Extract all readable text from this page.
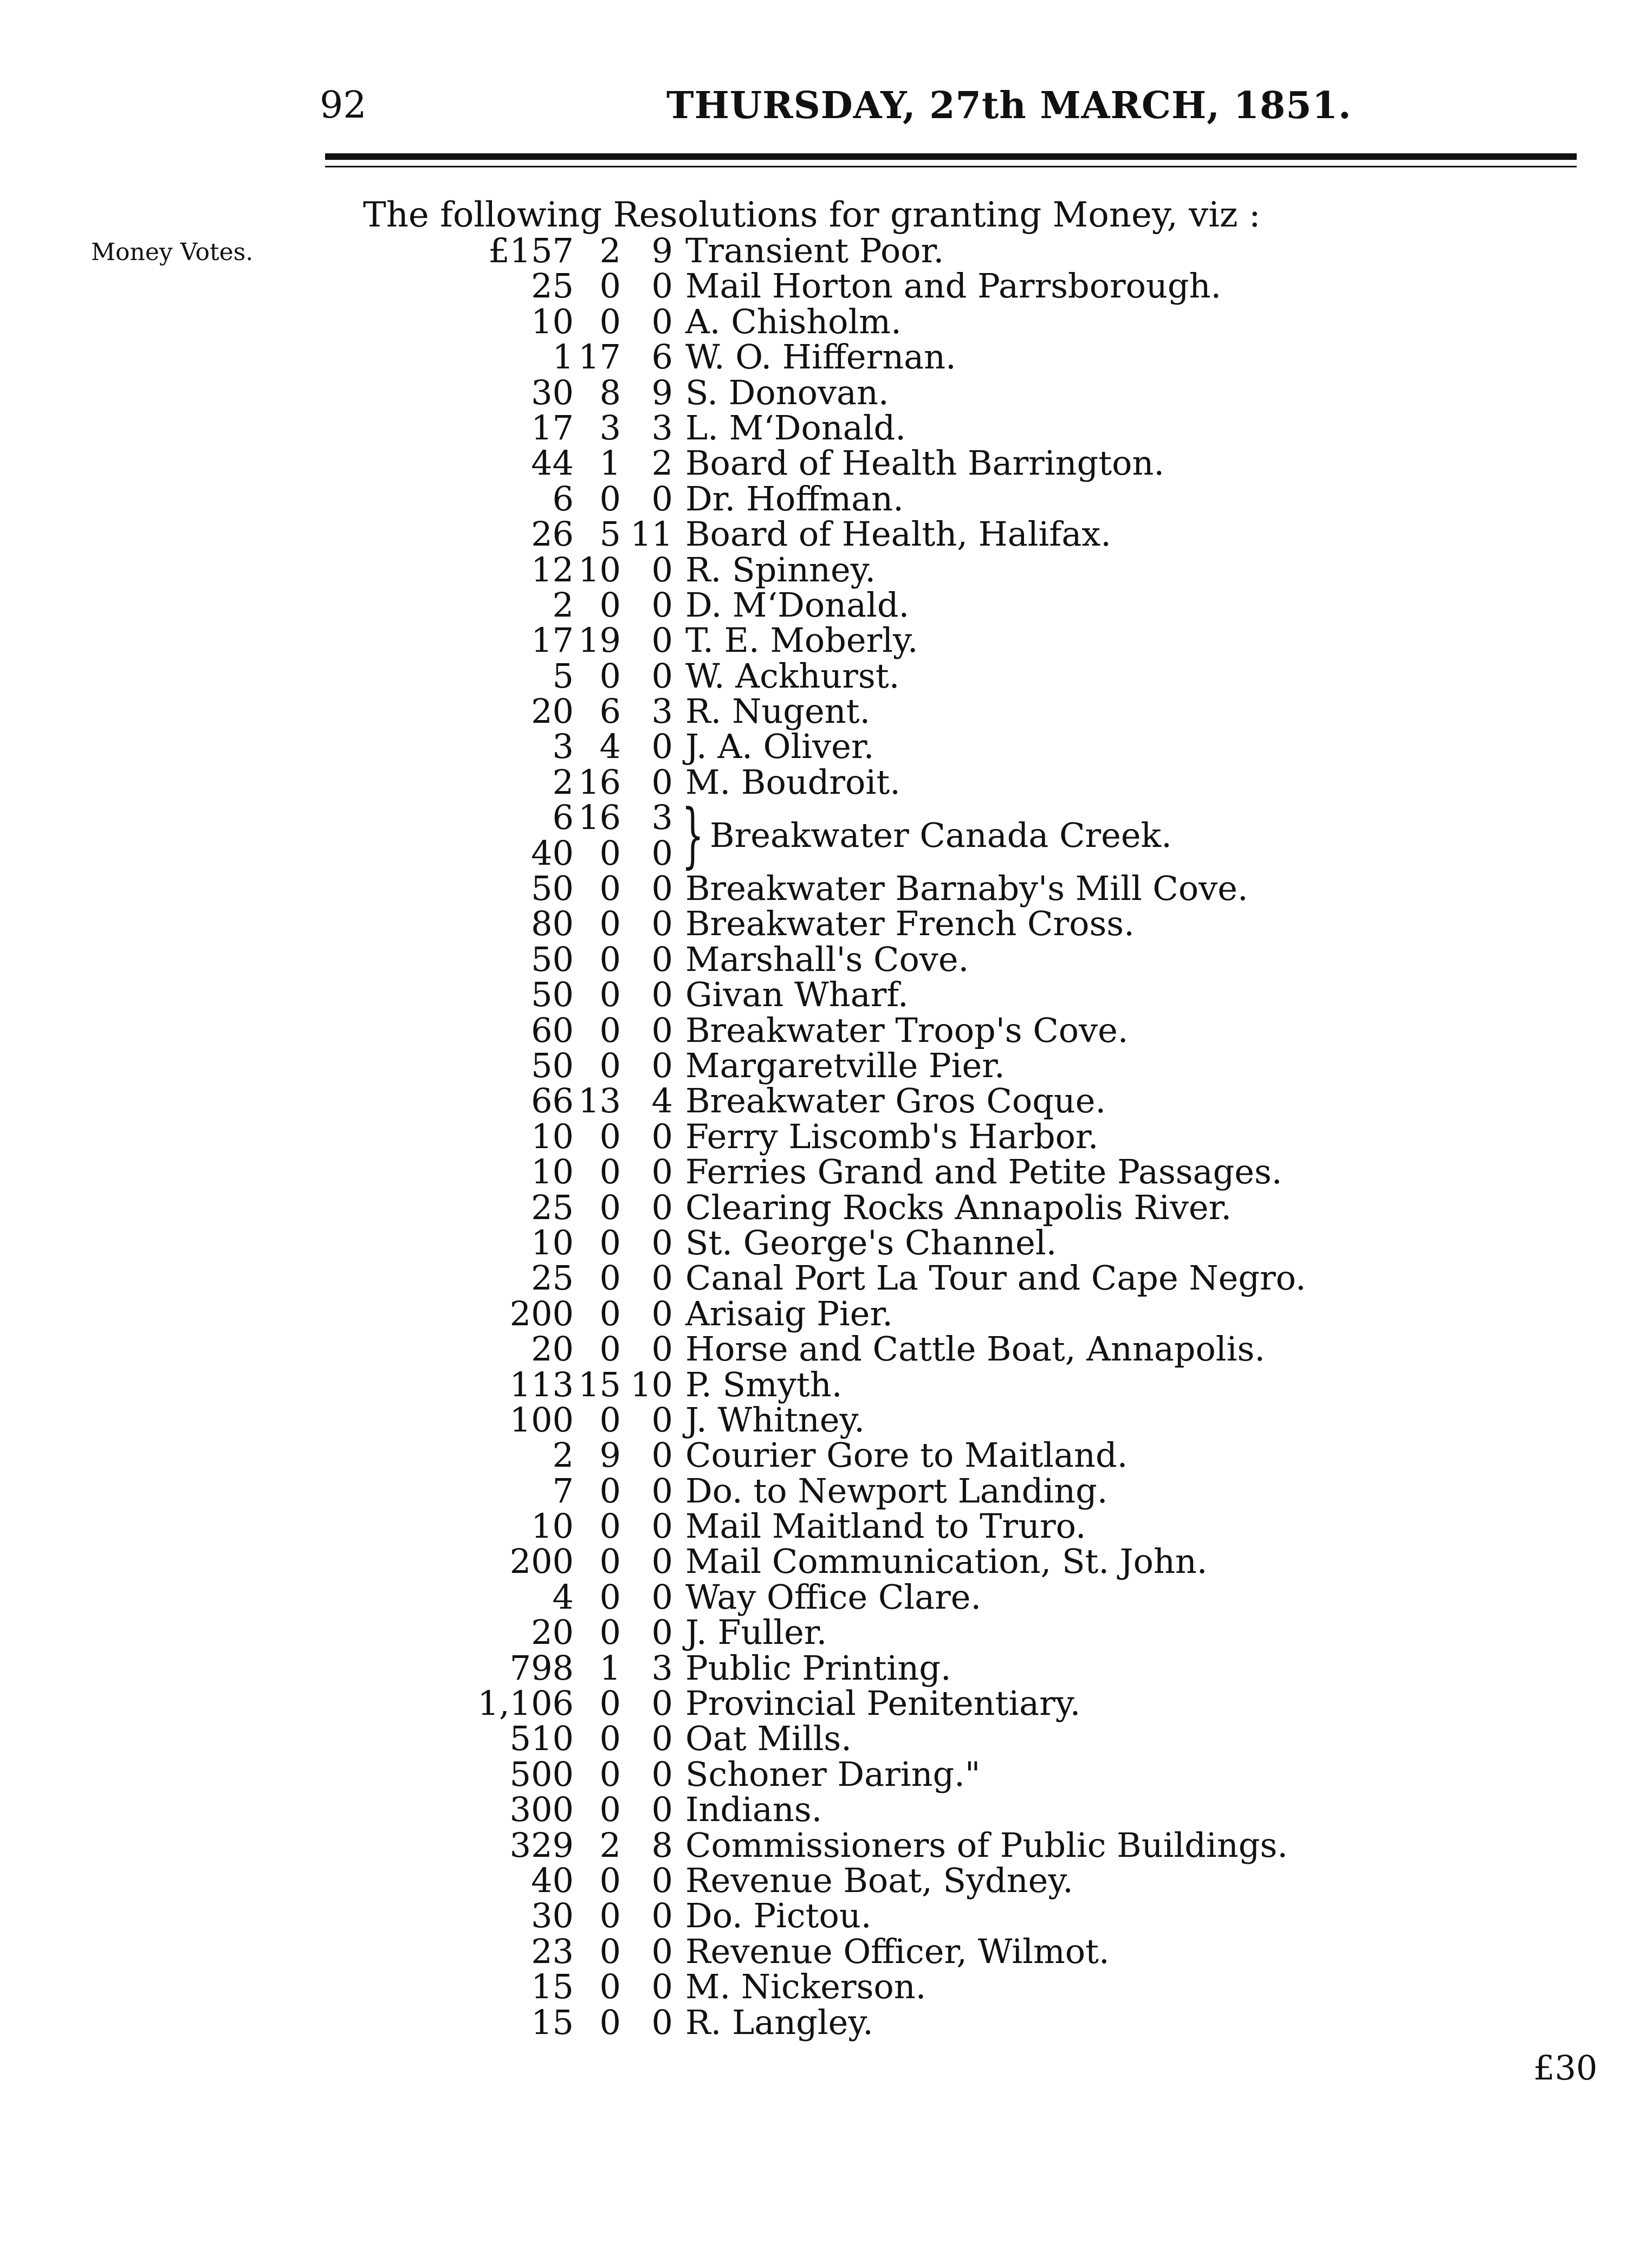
92	THURSDAY, 27th MARCH, 1851.
Money Votes.
The following Resolutions for granting Money, viz :
£157 2 9 Transient Poor.
25 0 0 Mail Horton and Parrsborough.
10 0 0 A. Chisholm.
1 17 6 W. O. Hiffernan.
30 8 9 S. Donovan.
17 3 3 L. M‘Donald.
44 1 2 Board of Health Barrington.
6 0 0 Dr. Hoffman.
26 5 11 Board of Health, Halifax.
12 10 0 R. Spinney.
2 0 0 D. M‘Donald.
17 19 0 T. E. Moberly.
5 0 0 W. Ackhurst.
20 6 3 R. Nugent.
3 4 0 J. A. Oliver.
2 16 0 M. Boudroit.
6 16 3
40 0 0
50 0 0 Breakwater Barnaby's Mill Cove.
80 0 0 Breakwater French Cross.
50 0 0 Marshall's Cove.
50 0 0 Givan Wharf.
60 0 0 Breakwater Troop's Cove.
50 0 0 Margaretville Pier.
66 13 4 Breakwater Gros Coque.
10 0 0 Ferry Liscomb's Harbor.
10 0 0 Ferries Grand and Petite Passages.
25 0 0 Clearing Rocks Annapolis River.
10 0 0 St. George's Channel.
25 0 0 Canal Port La Tour and Cape Negro.
200 0 0 Arisaig Pier.
20 0 0 Horse and Cattle Boat, Annapolis.
113 15 10 P. Smyth.
100 0 0 J. Whitney.
2 9 0 Courier Gore to Maitland.
7 0 0 Do. to Newport Landing.
10 0 0 Mail Maitland to Truro.
200 0 0 Mail Communication, St. John.
4 0 0 Way Office Clare.
20 0 0 J. Fuller.
798 1 3 Public Printing.
1,106 0 0 Provincial Penitentiary.
510 0 0 Oat Mills.
500 0 0 Schoner Daring."
300 0 0 Indians.
329 2 8 Commissioners of Public Buildings.
40 0 0 Revenue Boat, Sydney.
30 0 0 Do. Pictou.
23 0 0 Revenue Officer, Wilmot.
15 0 0 M. Nickerson.
15 0 0 R. Langley.
} Breakwater Canada Creek.
£30
